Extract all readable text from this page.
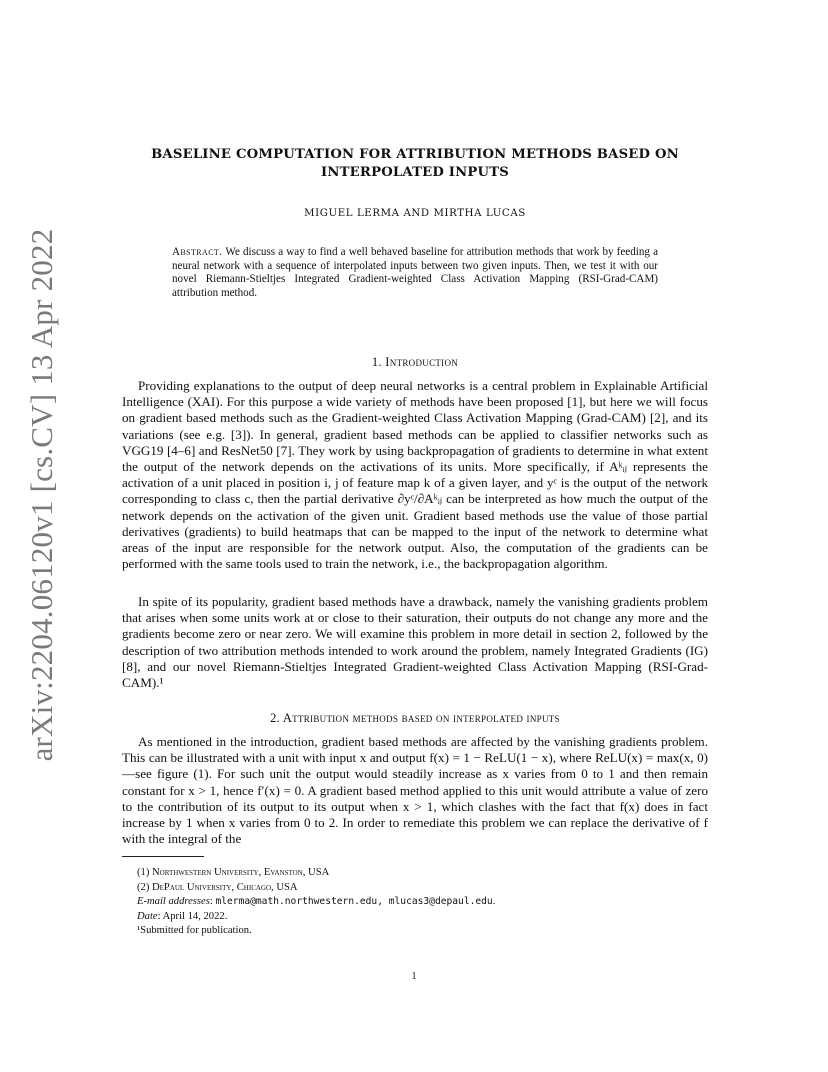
arXiv:2204.06120v1 [cs.CV] 13 Apr 2022
BASELINE COMPUTATION FOR ATTRIBUTION METHODS BASED ON INTERPOLATED INPUTS
MIGUEL LERMA AND MIRTHA LUCAS
Abstract. We discuss a way to find a well behaved baseline for attribution methods that work by feeding a neural network with a sequence of interpolated inputs between two given inputs. Then, we test it with our novel Riemann-Stieltjes Integrated Gradient-weighted Class Activation Mapping (RSI-Grad-CAM) attribution method.
1. Introduction
Providing explanations to the output of deep neural networks is a central problem in Explainable Artificial Intelligence (XAI). For this purpose a wide variety of methods have been proposed [1], but here we will focus on gradient based methods such as the Gradient-weighted Class Activation Mapping (Grad-CAM) [2], and its variations (see e.g. [3]). In general, gradient based methods can be applied to classifier networks such as VGG19 [4–6] and ResNet50 [7]. They work by using backpropagation of gradients to determine in what extent the output of the network depends on the activations of its units. More specifically, if Aᵏᵢⱼ represents the activation of a unit placed in position i, j of feature map k of a given layer, and yᶜ is the output of the network corresponding to class c, then the partial derivative ∂yᶜ/∂Aᵏᵢⱼ can be interpreted as how much the output of the network depends on the activation of the given unit. Gradient based methods use the value of those partial derivatives (gradients) to build heatmaps that can be mapped to the input of the network to determine what areas of the input are responsible for the network output. Also, the computation of the gradients can be performed with the same tools used to train the network, i.e., the backpropagation algorithm.
In spite of its popularity, gradient based methods have a drawback, namely the vanishing gradients problem that arises when some units work at or close to their saturation, their outputs do not change any more and the gradients become zero or near zero. We will examine this problem in more detail in section 2, followed by the description of two attribution methods intended to work around the problem, namely Integrated Gradients (IG) [8], and our novel Riemann-Stieltjes Integrated Gradient-weighted Class Activation Mapping (RSI-Grad-CAM).¹
2. Attribution methods based on interpolated inputs
As mentioned in the introduction, gradient based methods are affected by the vanishing gradients problem. This can be illustrated with a unit with input x and output f(x) = 1 − ReLU(1 − x), where ReLU(x) = max(x, 0)—see figure (1). For such unit the output would steadily increase as x varies from 0 to 1 and then remain constant for x > 1, hence f′(x) = 0. A gradient based method applied to this unit would attribute a value of zero to the contribution of its output to its output when x > 1, which clashes with the fact that f(x) does in fact increase by 1 when x varies from 0 to 2. In order to remediate this problem we can replace the derivative of f with the integral of the
(1) Northwestern University, Evanston, USA
(2) DePaul University, Chicago, USA
E-mail addresses: mlerma@math.northwestern.edu, mlucas3@depaul.edu.
Date: April 14, 2022.
¹Submitted for publication.
1
